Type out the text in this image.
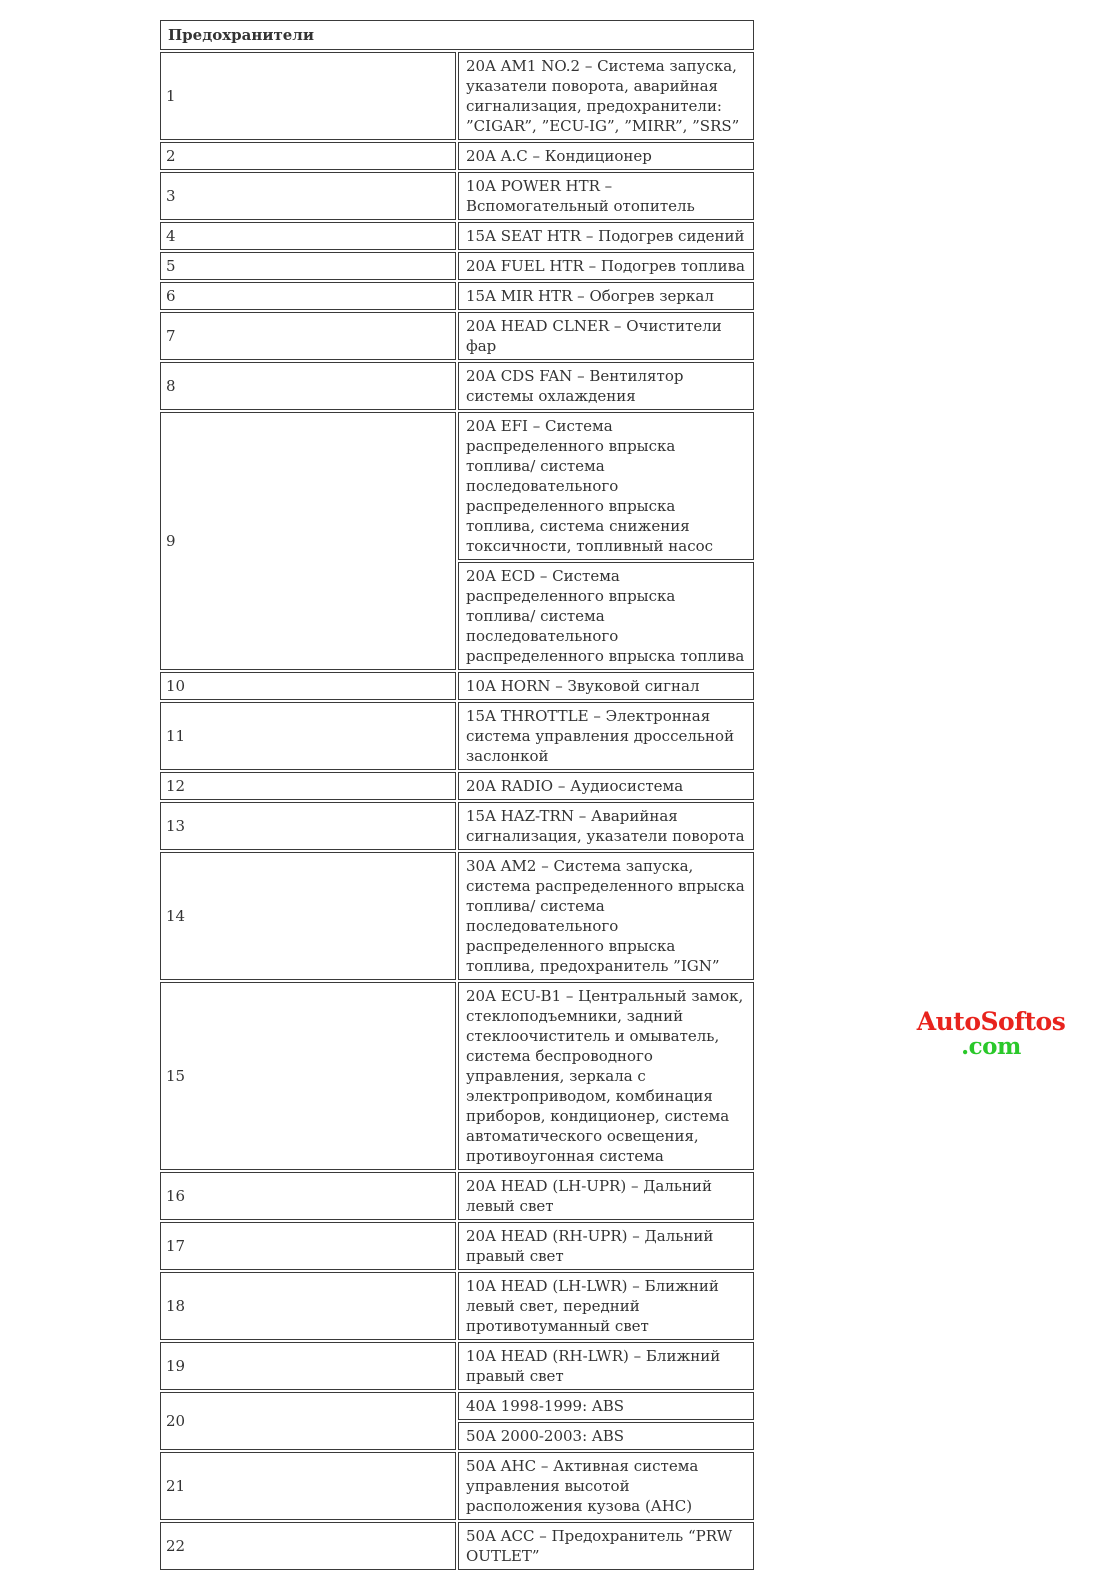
Предохранители	
1	20A AM1 NO.2 – Система запуска, указатели поворота, аварийная сигнализация, предохранители: ”CIGAR”, ”ECU-IG”, ”MIRR”, ”SRS”
2	20A A.C – Кондиционер
3	10A POWER HTR – Вспомогательный отопитель
4	15A SEAT HTR – Подогрев сидений
5	20A FUEL HTR – Подогрев топлива
6	15A MIR HTR – Обогрев зеркал
7	20A HEAD CLNER – Очистители фар
8	20A CDS FAN – Вентилятор системы охлаждения
9	20A EFI – Система распределенного впрыска топлива/ система последовательного распределенного впрыска топлива, система снижения токсичности, топливный насос
	20A ECD – Система распределенного впрыска топлива/ система последовательного распределенного впрыска топлива
10	10A HORN – Звуковой сигнал
11	15A THROTTLE – Электронная система управления дроссельной заслонкой
12	20A RADIO – Аудиосистема
13	15A HAZ-TRN – Аварийная сигнализация, указатели поворота
14	30A AM2 – Система запуска, система распределенного впрыска топлива/ система последовательного распределенного впрыска топлива, предохранитель ”IGN”
15	20A ECU-B1 – Центральный замок, стеклоподъемники, задний стеклоочиститель и омыватель, система беспроводного управления, зеркала с электроприводом, комбинация приборов, кондиционер, система автоматического освещения, противоугонная система
16	20A HEAD (LH-UPR) – Дальний левый свет
17	20A HEAD (RH-UPR) – Дальний правый свет
18	10A HEAD (LH-LWR) – Ближний левый свет, передний противотуманный свет
19	10A HEAD (RH-LWR) – Ближний правый свет
20	40A 1998-1999: ABS
	50A 2000-2003: ABS
21	50A AHC – Активная система управления высотой расположения кузова (AHC)
22	50A ACC – Предохранитель “PRW OUTLET”
AutoSoftos
.com
